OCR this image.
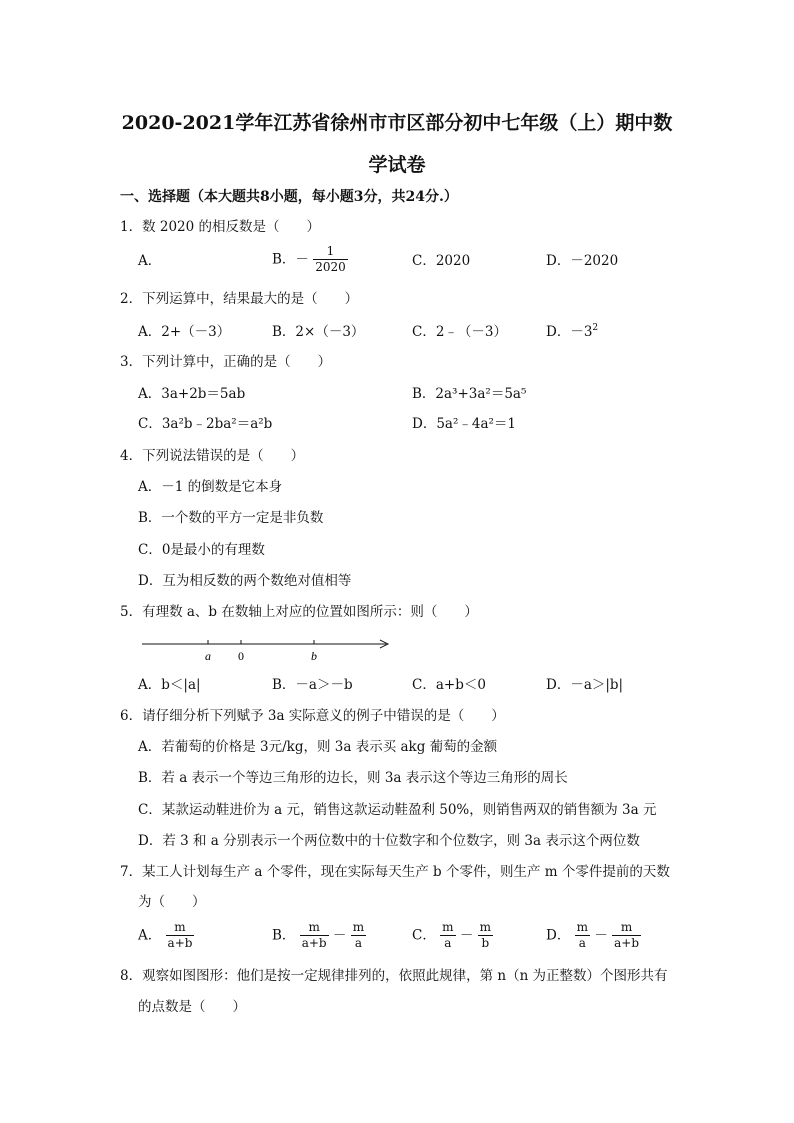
2020-2021学年江苏省徐州市市区部分初中七年级（上）期中数
学试卷
一、选择题（本大题共8小题，每小题3分，共24分.）
1．数 2020 的相反数是（　　）
A．	B．－ $\frac{1}{2020}$	C．2020	D．－2020
2．下列运算中，结果最大的是（　　）
A．2+（－3）	B．2×（－3）	C．2﹣（－3）	D．$-3^2$
3．下列计算中，正确的是（　　）
A．3a+2b＝5ab	B．2a³+3a²＝5a⁵
C．3a²b﹣2ba²＝a²b	D．5a²﹣4a²＝1
4．下列说法错误的是（　　）
A．－1 的倒数是它本身
B．一个数的平方一定是非负数
C．0是最小的有理数
D．互为相反数的两个数绝对值相等
5．有理数 a、b 在数轴上对应的位置如图所示：则（　　）
a 0	b
A．b＜|a|	B．－a＞－b	C．a+b＜0	D．－a＞|b|
6．请仔细分析下列赋予 3a 实际意义的例子中错误的是（　　）
A．若葡萄的价格是 3元/kg，则 3a 表示买 akg 葡萄的金额
B．若 a 表示一个等边三角形的边长，则 3a 表示这个等边三角形的周长
C．某款运动鞋进价为 a 元，销售这款运动鞋盈利 50%，则销售两双的销售额为 3a 元
D．若 3 和 a 分别表示一个两位数中的十位数字和个位数字，则 3a 表示这个两位数
7．某工人计划每生产 a 个零件，现在实际每天生产 b 个零件，则生产 m 个零件提前的天数
为（　　）
A． $\frac{m}{a+b}$	B． $\frac{m}{a+b} - \frac{m}{a}$	C． $\frac{m}{a} - \frac{m}{b}$	D． $\frac{m}{a} - \frac{m}{a+b}$
8．观察如图图形：他们是按一定规律排列的，依照此规律，第 n（n 为正整数）个图形共有
的点数是（　　）
